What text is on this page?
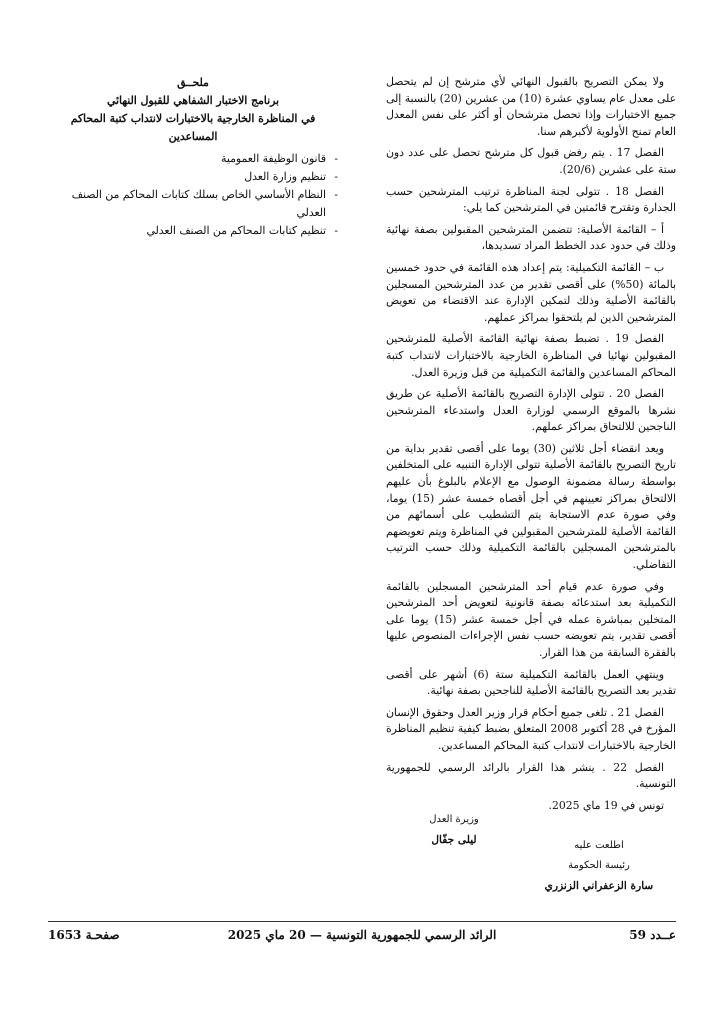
ولا يمكن التصريح بالقبول النهائي لأي مترشح إن لم يتحصل على معدل عام يساوي عشرة (10) من عشرين (20) بالنسبة إلى جميع الاختبارات وإذا تحصل مترشحان أو أكثر على نفس المعدل العام تمنح الأولوية لأكبرهم سنا.

الفصل 17 . يتم رفض قبول كل مترشح تحصل على عدد دون ستة على عشرين (20/6).

الفصل 18 . تتولى لجنة المناظرة ترتيب المترشحين حسب الجدارة وتقترح قائمتين في المترشحين كما يلي:

أ – القائمة الأصلية: تتضمن المترشحين المقبولين بصفة نهائية وذلك في حدود عدد الخطط المراد تسديدها،

ب – القائمة التكميلية: يتم إعداد هذه القائمة في حدود خمسين بالمائة (50%) على أقصى تقدير من عدد المترشحين المسجلين بالقائمة الأصلية وذلك لتمكين الإدارة عند الاقتضاء من تعويض المترشحين الذين لم يلتحقوا بمراكز عملهم.

الفصل 19 . تضبط بصفة نهائية القائمة الأصلية للمترشحين المقبولين نهائيا في المناظرة الخارجية بالاختبارات لانتداب كتبة المحاكم المساعدين والقائمة التكميلية من قبل وزيرة العدل.

الفصل 20 . تتولى الإدارة التصريح بالقائمة الأصلية عن طريق نشرها بالموقع الرسمي لوزارة العدل واستدعاء المترشحين الناجحين للالتحاق بمراكز عملهم.

ويعد انقضاء أجل ثلاثين (30) يوما على أقصى تقدير بداية من تاريخ التصريح بالقائمة الأصلية تتولى الإدارة التنبيه على المتخلفين بواسطة رسالة مضمونة الوصول مع الإعلام بالبلوغ بأن عليهم الالتحاق بمراكز تعيينهم في أجل أقصاه خمسة عشر (15) يوما، وفي صورة عدم الاستجابة يتم التشطيب على أسمائهم من القائمة الأصلية للمترشحين المقبولين في المناظرة ويتم تعويضهم بالمترشحين المسجلين بالقائمة التكميلية وذلك حسب الترتيب التفاضلي.

وفي صورة عدم قيام أحد المترشحين المسجلين بالقائمة التكميلية بعد استدعائه بصفة قانونية لتعويض أحد المترشحين المتخلين بمباشرة عمله في أجل خمسة عشر (15) يوما على أقصى تقدير، يتم تعويضه حسب نفس الإجراءات المنصوص عليها بالفقرة السابقة من هذا القرار.

وينتهي العمل بالقائمة التكميلية ستة (6) أشهر على أقصى تقدير بعد التصريح بالقائمة الأصلية للناجحين بصفة نهائية.

الفصل 21 . تلغى جميع أحكام قرار وزير العدل وحقوق الإنسان المؤرخ في 28 أكتوبر 2008 المتعلق بضبط كيفية تنظيم المناظرة الخارجية بالاختبارات لانتداب كتبة المحاكم المساعدين.

الفصل 22 . ينشر هذا القرار بالرائد الرسمي للجمهورية التونسية.

تونس في 19 ماي 2025.

وزيرة العدل
ليلى جفّال	اطلعت عليه
رئيسة الحكومة
سارة الزعفراني الزنزري

ملحــق

برنامج الاختبار الشفاهي للقبول النهائي

في المناظرة الخارجية بالاختبارات لانتداب كتبة المحاكم المساعدين

-
قانون الوظيفة العمومية
-
تنظيم وزارة العدل
-
النظام الأساسي الخاص بسلك كتابات المحاكم من الصنف العدلي
-
تنظيم كتابات المحاكم من الصنف العدلي
عــدد 59
الرائد الرسمي للجمهورية التونسية — 20 ماي 2025
صفحـة 1653
